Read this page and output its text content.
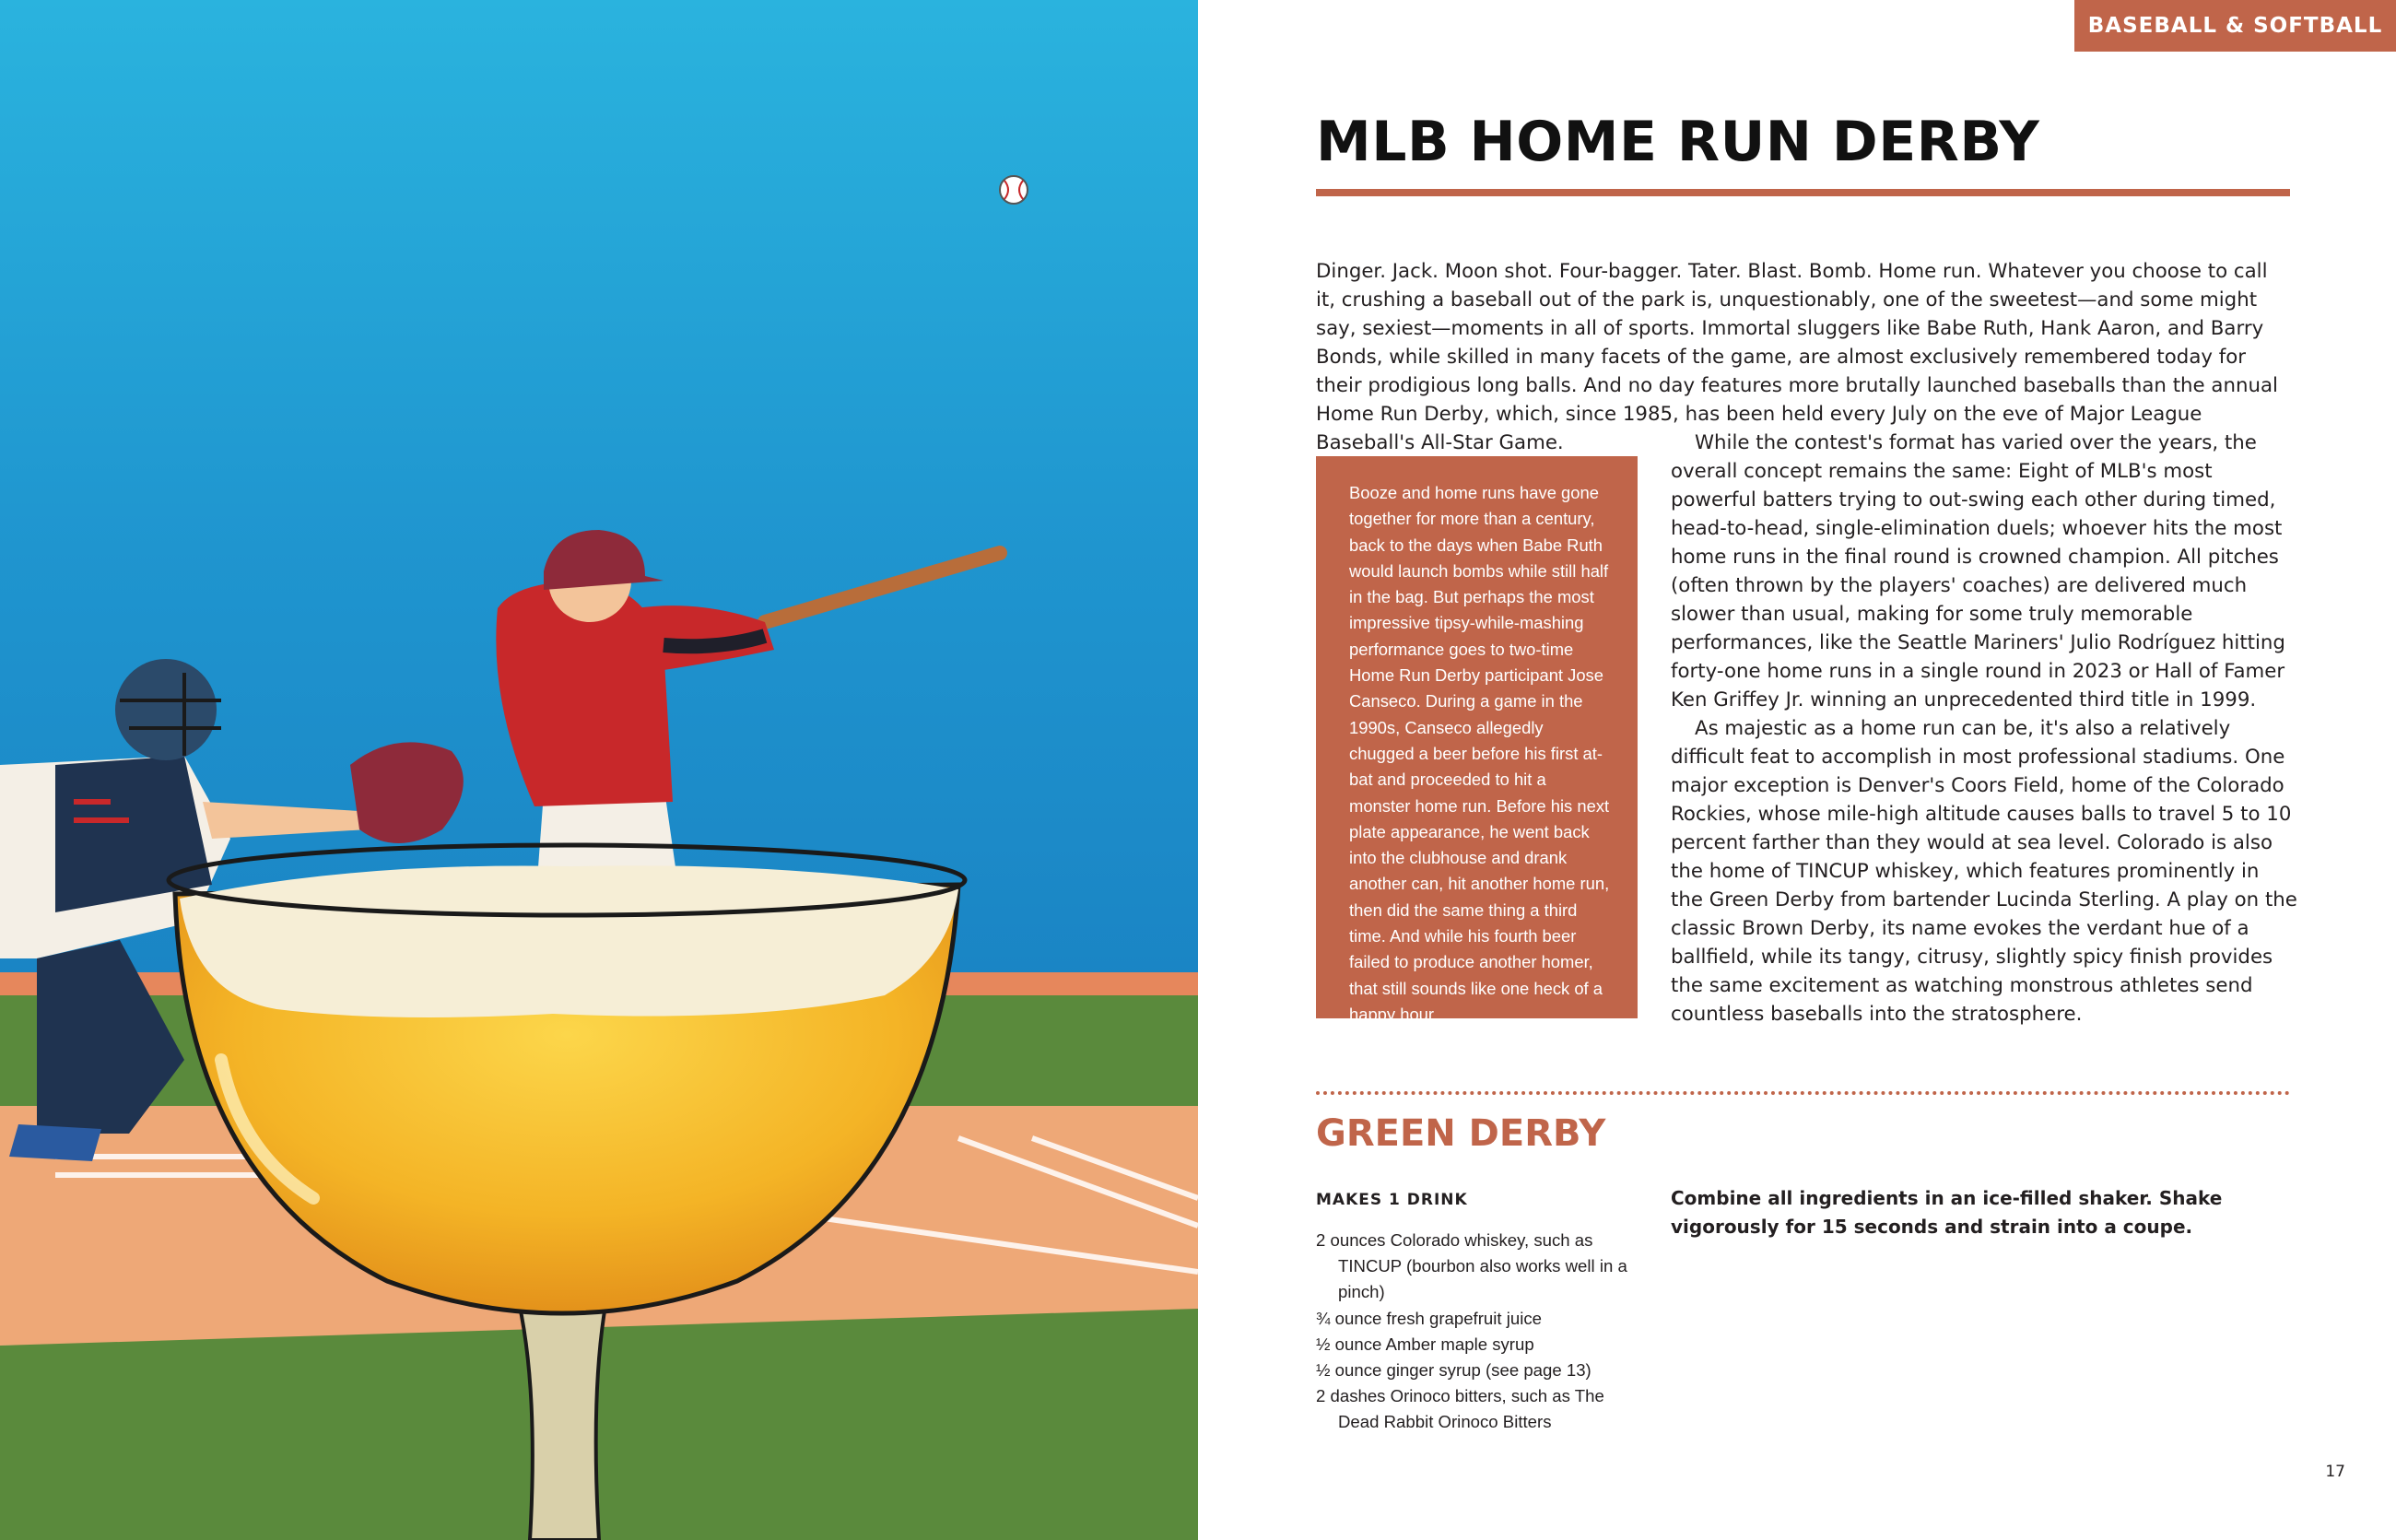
BASEBALL & SOFTBALL
MLB HOME RUN DERBY

Dinger. Jack. Moon shot. Four-bagger. Tater. Blast. Bomb. Home run. Whatever you choose to call it, crushing a baseball out of the park is, unquestionably, one of the sweetest—and some might say, sexiest—moments in all of sports. Immortal sluggers like Babe Ruth, Hank Aaron, and Barry Bonds, while skilled in many facets of the game, are almost exclusively remembered today for their prodigious long balls. And no day features more brutally launched baseballs than the annual Home Run Derby, which, since 1985, has been held every July on the eve of Major League Baseball's All-Star Game.

Booze and home runs have gone together for more than a century, back to the days when Babe Ruth would launch bombs while still half in the bag. But perhaps the most impressive tipsy-while-mashing performance goes to two-time Home Run Derby participant Jose Canseco. During a game in the 1990s, Canseco allegedly chugged a beer before his first at-bat and proceeded to hit a monster home run. Before his next plate appearance, he went back into the clubhouse and drank another can, hit another home run, then did the same thing a third time. And while his fourth beer failed to produce another homer, that still sounds like one heck of a happy hour.

While the contest's format has varied over the years, the overall concept remains the same: Eight of MLB's most powerful batters trying to out-swing each other during timed, head-to-head, single-elimination duels; whoever hits the most home runs in the final round is crowned champion. All pitches (often thrown by the players' coaches) are delivered much slower than usual, making for some truly memorable performances, like the Seattle Mariners' Julio Rodríguez hitting forty-one home runs in a single round in 2023 or Hall of Famer Ken Griffey Jr. winning an unprecedented third title in 1999.

As majestic as a home run can be, it's also a relatively difficult feat to accomplish in most professional stadiums. One major exception is Denver's Coors Field, home of the Colorado Rockies, whose mile-high altitude causes balls to travel 5 to 10 percent farther than they would at sea level. Colorado is also the home of TINCUP whiskey, which features prominently in the Green Derby from bartender Lucinda Sterling. A play on the classic Brown Derby, its name evokes the verdant hue of a ballfield, while its tangy, citrusy, slightly spicy finish provides the same excitement as watching monstrous athletes send countless baseballs into the stratosphere.

GREEN DERBY
MAKES 1 DRINK
2 ounces Colorado whiskey, such as TINCUP (bourbon also works well in a pinch)
¾ ounce fresh grapefruit juice
½ ounce Amber maple syrup
½ ounce ginger syrup (see page 13)
2 dashes Orinoco bitters, such as The Dead Rabbit Orinoco Bitters

Combine all ingredients in an ice-filled shaker. Shake vigorously for 15 seconds and strain into a coupe.

17
